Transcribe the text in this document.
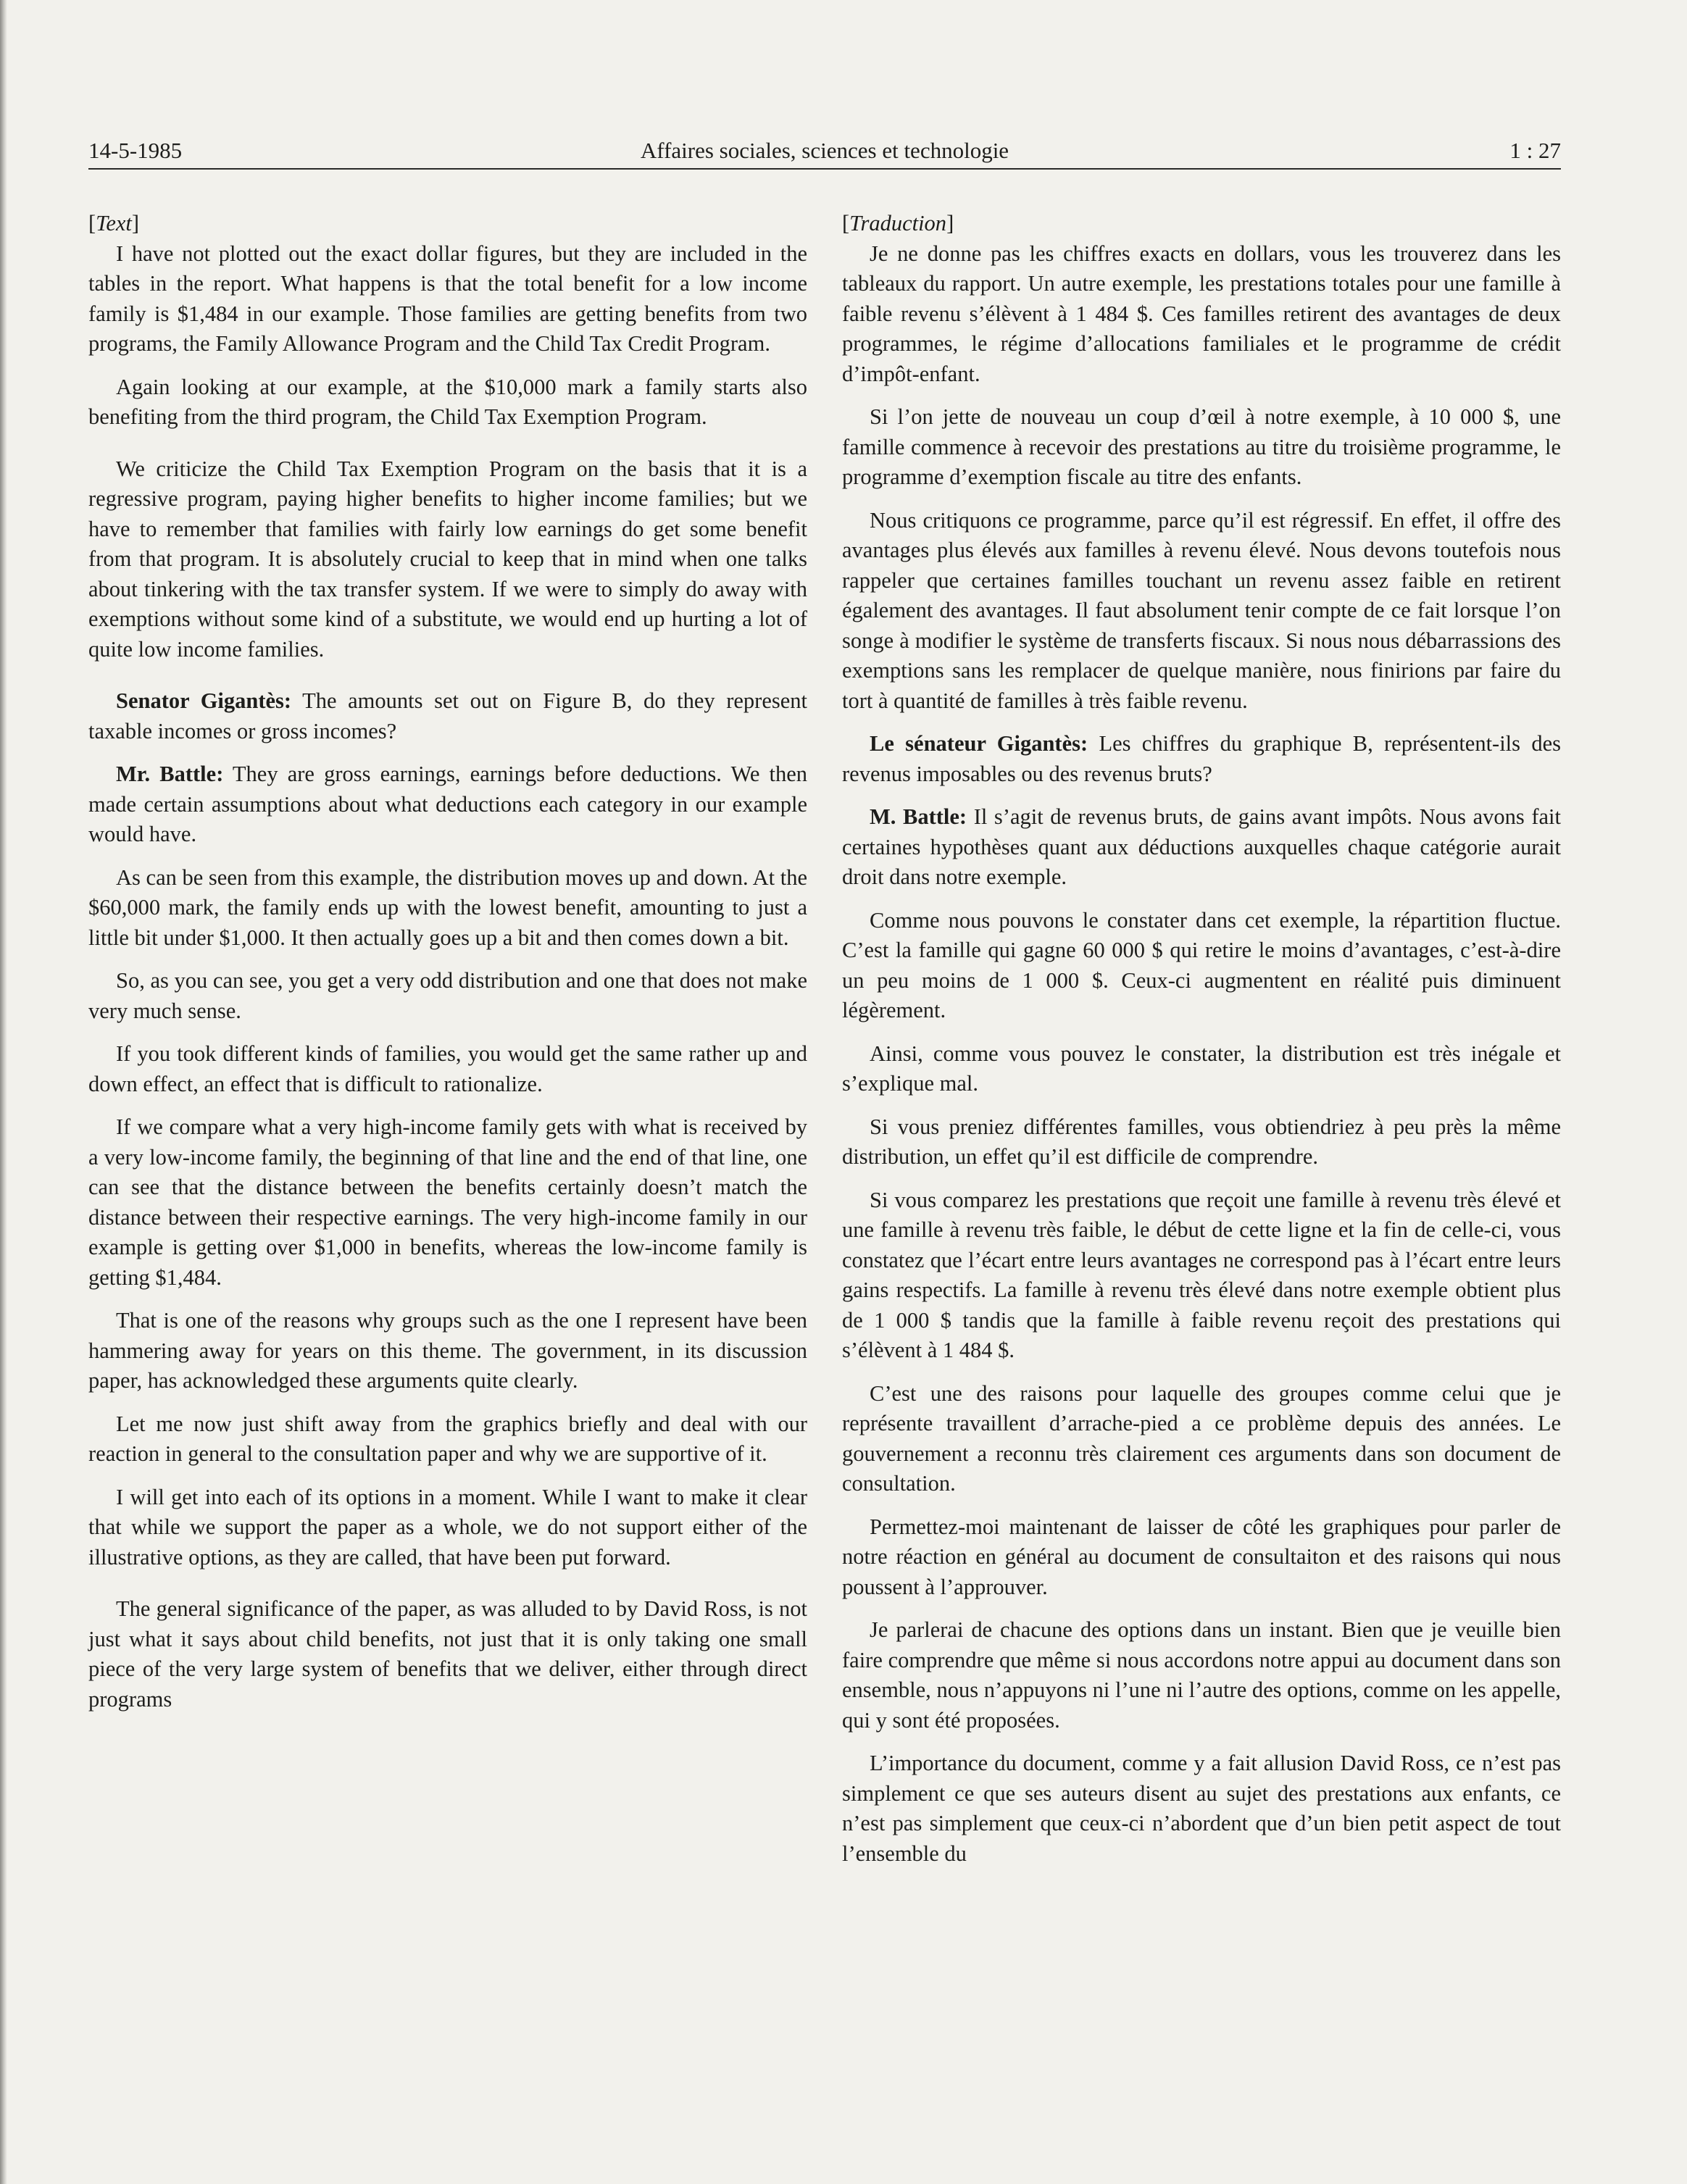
14-5-1985	Affaires sociales, sciences et technologie	1 : 27

[Text]

I have not plotted out the exact dollar figures, but they are included in the tables in the report. What happens is that the total benefit for a low income family is $1,484 in our example. Those families are getting benefits from two programs, the Family Allowance Program and the Child Tax Credit Program.

Again looking at our example, at the $10,000 mark a family starts also benefiting from the third program, the Child Tax Exemption Program.

We criticize the Child Tax Exemption Program on the basis that it is a regressive program, paying higher benefits to higher income families; but we have to remember that families with fairly low earnings do get some benefit from that program. It is absolutely crucial to keep that in mind when one talks about tinkering with the tax transfer system. If we were to simply do away with exemptions without some kind of a substitute, we would end up hurting a lot of quite low income families.

Senator Gigantès: The amounts set out on Figure B, do they represent taxable incomes or gross incomes?

Mr. Battle: They are gross earnings, earnings before deductions. We then made certain assumptions about what deductions each category in our example would have.

As can be seen from this example, the distribution moves up and down. At the $60,000 mark, the family ends up with the lowest benefit, amounting to just a little bit under $1,000. It then actually goes up a bit and then comes down a bit.

So, as you can see, you get a very odd distribution and one that does not make very much sense.

If you took different kinds of families, you would get the same rather up and down effect, an effect that is difficult to rationalize.

If we compare what a very high-income family gets with what is received by a very low-income family, the beginning of that line and the end of that line, one can see that the distance between the benefits certainly doesn’t match the distance between their respective earnings. The very high-income family in our example is getting over $1,000 in benefits, whereas the low-income family is getting $1,484.

That is one of the reasons why groups such as the one I represent have been hammering away for years on this theme. The government, in its discussion paper, has acknowledged these arguments quite clearly.

Let me now just shift away from the graphics briefly and deal with our reaction in general to the consultation paper and why we are supportive of it.

I will get into each of its options in a moment. While I want to make it clear that while we support the paper as a whole, we do not support either of the illustrative options, as they are called, that have been put forward.

The general significance of the paper, as was alluded to by David Ross, is not just what it says about child benefits, not just that it is only taking one small piece of the very large system of benefits that we deliver, either through direct programs

[Traduction]

Je ne donne pas les chiffres exacts en dollars, vous les trouverez dans les tableaux du rapport. Un autre exemple, les prestations totales pour une famille à faible revenu s’élèvent à 1 484 $. Ces familles retirent des avantages de deux programmes, le régime d’allocations familiales et le programme de crédit d’impôt-enfant.

Si l’on jette de nouveau un coup d’œil à notre exemple, à 10 000 $, une famille commence à recevoir des prestations au titre du troisième programme, le programme d’exemption fiscale au titre des enfants.

Nous critiquons ce programme, parce qu’il est régressif. En effet, il offre des avantages plus élevés aux familles à revenu élevé. Nous devons toutefois nous rappeler que certaines familles touchant un revenu assez faible en retirent également des avantages. Il faut absolument tenir compte de ce fait lorsque l’on songe à modifier le système de transferts fiscaux. Si nous nous débarrassions des exemptions sans les remplacer de quelque manière, nous finirions par faire du tort à quantité de familles à très faible revenu.

Le sénateur Gigantès: Les chiffres du graphique B, représentent-ils des revenus imposables ou des revenus bruts?

M. Battle: Il s’agit de revenus bruts, de gains avant impôts. Nous avons fait certaines hypothèses quant aux déductions auxquelles chaque catégorie aurait droit dans notre exemple.

Comme nous pouvons le constater dans cet exemple, la répartition fluctue. C’est la famille qui gagne 60 000 $ qui retire le moins d’avantages, c’est-à-dire un peu moins de 1 000 $. Ceux-ci augmentent en réalité puis diminuent légèrement.

Ainsi, comme vous pouvez le constater, la distribution est très inégale et s’explique mal.

Si vous preniez différentes familles, vous obtiendriez à peu près la même distribution, un effet qu’il est difficile de comprendre.

Si vous comparez les prestations que reçoit une famille à revenu très élevé et une famille à revenu très faible, le début de cette ligne et la fin de celle-ci, vous constatez que l’écart entre leurs avantages ne correspond pas à l’écart entre leurs gains respectifs. La famille à revenu très élevé dans notre exemple obtient plus de 1 000 $ tandis que la famille à faible revenu reçoit des prestations qui s’élèvent à 1 484 $.

C’est une des raisons pour laquelle des groupes comme celui que je représente travaillent d’arrache-pied a ce problème depuis des années. Le gouvernement a reconnu très clairement ces arguments dans son document de consultation.

Permettez-moi maintenant de laisser de côté les graphiques pour parler de notre réaction en général au document de consultaiton et des raisons qui nous poussent à l’approuver.

Je parlerai de chacune des options dans un instant. Bien que je veuille bien faire comprendre que même si nous accordons notre appui au document dans son ensemble, nous n’appuyons ni l’une ni l’autre des options, comme on les appelle, qui y sont été proposées.

L’importance du document, comme y a fait allusion David Ross, ce n’est pas simplement ce que ses auteurs disent au sujet des prestations aux enfants, ce n’est pas simplement que ceux-ci n’abordent que d’un bien petit aspect de tout l’ensemble du
